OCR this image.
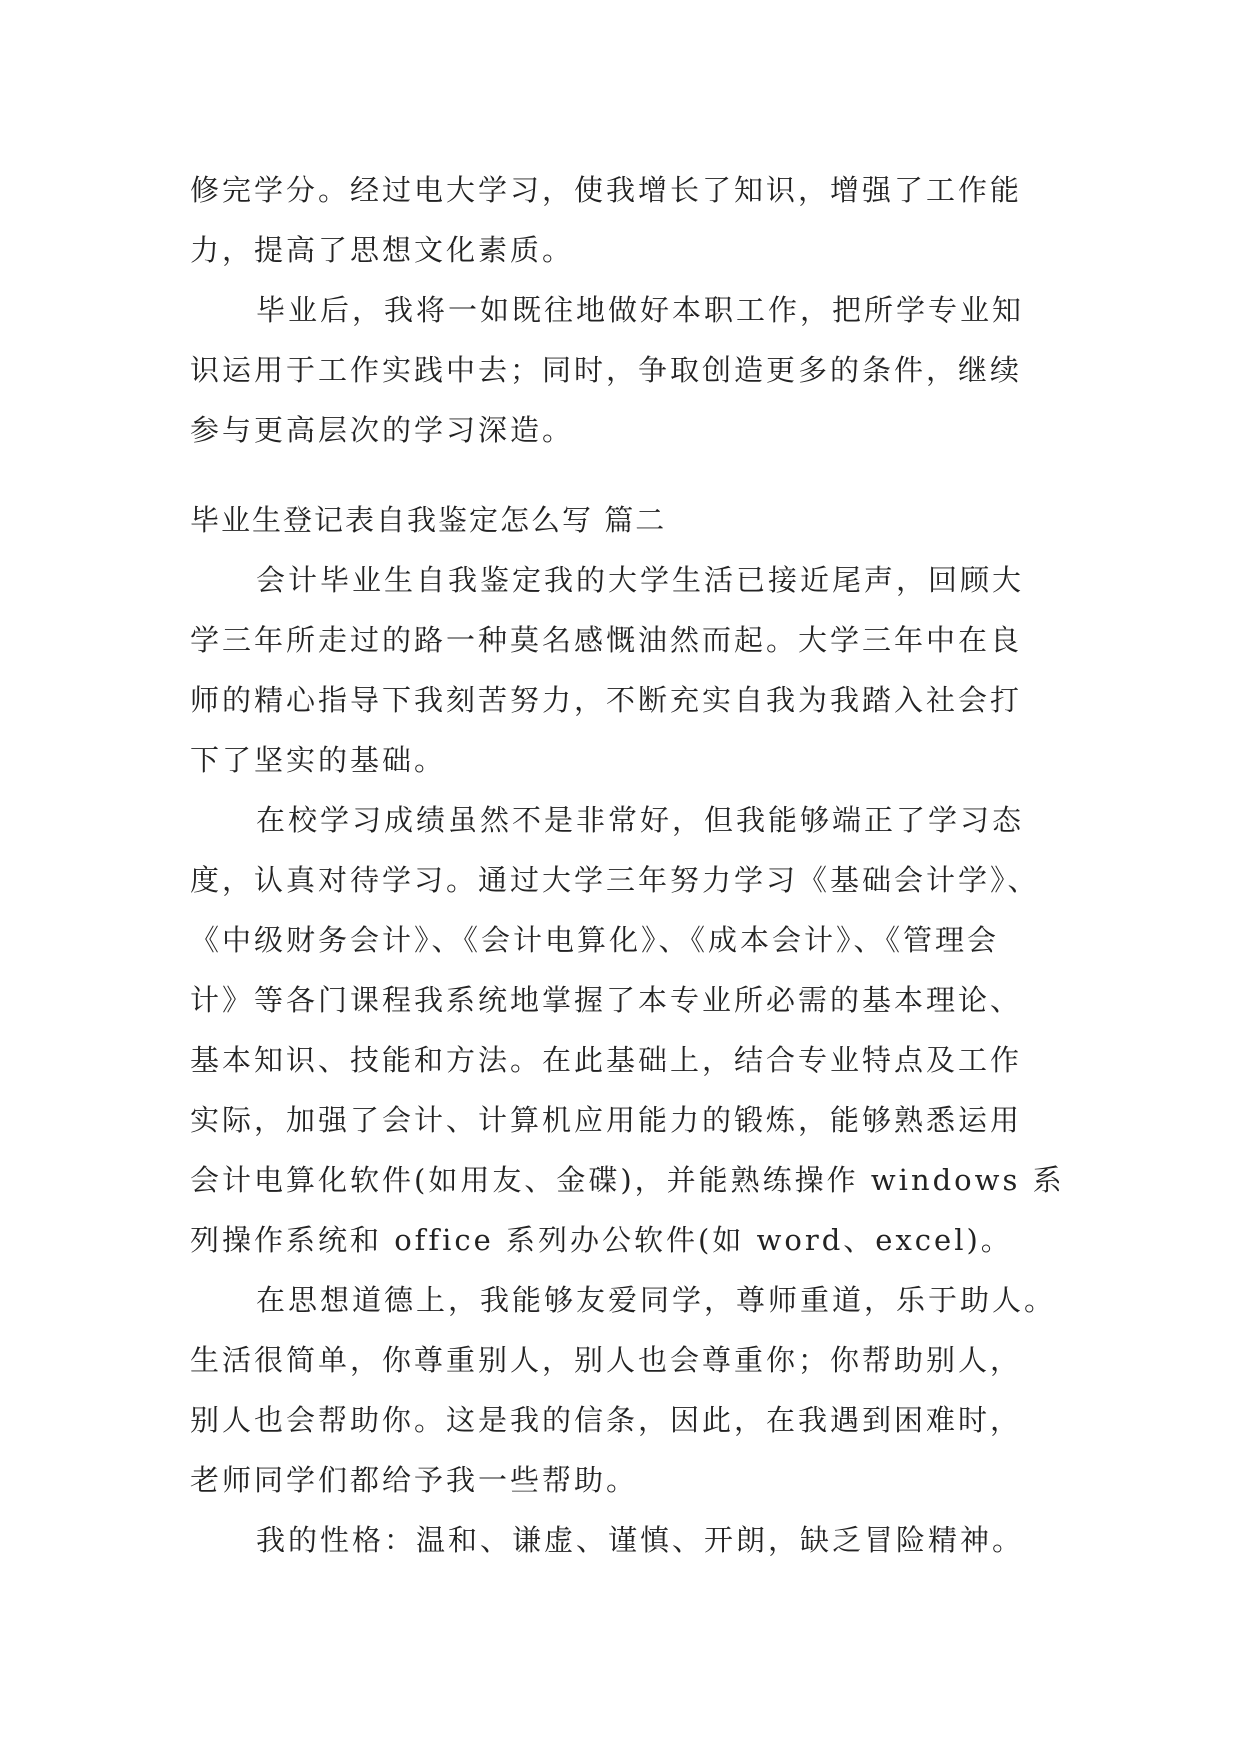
修完学分。经过电大学习，使我增长了知识，增强了工作能
力，提高了思想文化素质。
毕业后，我将一如既往地做好本职工作，把所学专业知
识运用于工作实践中去；同时，争取创造更多的条件，继续
参与更高层次的学习深造。
毕业生登记表自我鉴定怎么写 篇二
会计毕业生自我鉴定我的大学生活已接近尾声，回顾大
学三年所走过的路一种莫名感慨油然而起。大学三年中在良
师的精心指导下我刻苦努力，不断充实自我为我踏入社会打
下了坚实的基础。
在校学习成绩虽然不是非常好，但我能够端正了学习态
度，认真对待学习。通过大学三年努力学习《基础会计学》、
《中级财务会计》、《会计电算化》、《成本会计》、《管理会
计》等各门课程我系统地掌握了本专业所必需的基本理论、
基本知识、技能和方法。在此基础上，结合专业特点及工作
实际，加强了会计、计算机应用能力的锻炼，能够熟悉运用
会计电算化软件(如用友、金碟)，并能熟练操作 windows 系
列操作系统和 office 系列办公软件(如 word、excel)。
在思想道德上，我能够友爱同学，尊师重道，乐于助人。
生活很简单，你尊重别人，别人也会尊重你；你帮助别人，
别人也会帮助你。这是我的信条，因此，在我遇到困难时，
老师同学们都给予我一些帮助。
我的性格：温和、谦虚、谨慎、开朗，缺乏冒险精神。
